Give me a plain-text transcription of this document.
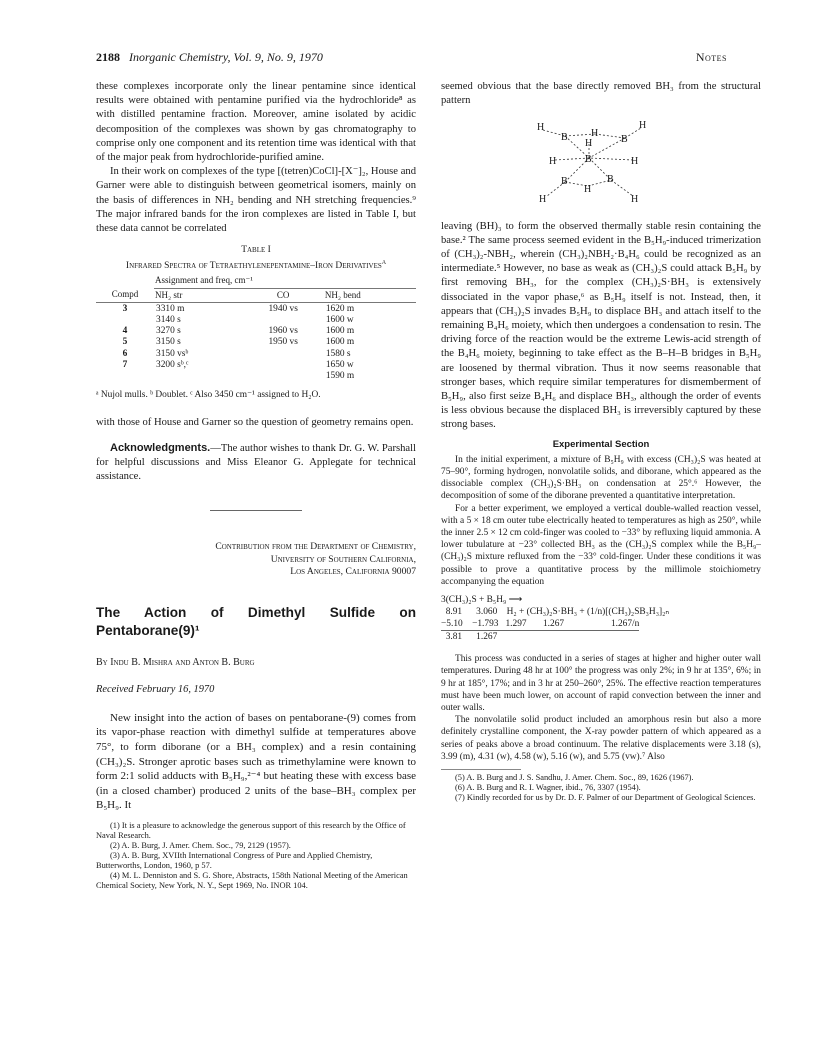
2188 Inorganic Chemistry, Vol. 9, No. 9, 1970	Notes

these complexes incorporate only the linear pentamine since identical results were obtained with pentamine purified via the hydrochloride⁸ as with distilled pentamine fraction. Moreover, amine isolated by acidic decomposition of the complexes was shown by gas chromatography to comprise only one component and its retention time was identical with that of the major peak from hydrochloride-purified amine.

In their work on complexes of the type [(tetren)CoCl]-[X⁻]₂, House and Garner were able to distinguish between geometrical isomers, mainly on the basis of differences in NH₂ bending and NH stretching frequencies.⁹ The major infrared bands for the iron complexes are listed in Table I, but these data cannot be correlated

Table I
Infrared Spectra of Tetraethylenepentamine–Iron Derivatives$^a$
	Assignment and freq, cm⁻¹		
Compd	NH₂ str	CO	NH₂ bend

3	3310 m	1940 vs	1620 m
	3140 s		1600 w
4	3270 s	1960 vs	1600 m
5	3150 s	1950 vs	1600 m
6	3150 vsᵇ		1580 s
7	3200 sᵇ,ᶜ		1650 w
			1590 m
ᵃ Nujol mulls. ᵇ Doublet. ᶜ Also 3450 cm⁻¹ assigned to H₂O.

with those of House and Garner so the question of geometry remains open.

Acknowledgments.—The author wishes to thank Dr. G. W. Parshall for helpful discussions and Miss Eleanor G. Applegate for technical assistance.

Contribution from the Department of Chemistry,
University of Southern California,
Los Angeles, California 90007
The Action of Dimethyl Sulfide on Pentaborane(9)¹
By Indu B. Mishra and Anton B. Burg
Received February 16, 1970

New insight into the action of bases on pentaborane-(9) comes from its vapor-phase reaction with dimethyl sulfide at temperatures above 75°, to form diborane (or a BH₃ complex) and a resin containing (CH₃)₂S. Stronger aprotic bases such as trimethylamine were known to form 2:1 solid adducts with B₅H₉,²⁻⁴ but heating these with excess base (in a closed chamber) produced 2 units of the base–BH₃ complex per B₅H₉. It

(1) It is a pleasure to acknowledge the generous support of this research by the Office of Naval Research.
(2) A. B. Burg, J. Amer. Chem. Soc., 79, 2129 (1957).
(3) A. B. Burg, XVIIth International Congress of Pure and Applied Chemistry, Butterworths, London, 1960, p 57.
(4) M. L. Denniston and S. G. Shore, Abstracts, 158th National Meeting of the American Chemical Society, New York, N. Y., Sept 1969, No. INOR 104.

seemed obvious that the base directly removed BH₃ from the structural pattern

H
B H
B
H
H
B
H	H
B	B
H
H	H

leaving (BH)₃ to form the observed thermally stable resin containing the base.² The same process seemed evident in the B₅H₉-induced trimerization of (CH₃)₂-NBH₂, wherein (CH₃)₂NBH₂·B₄H₆ could be recognized as an intermediate.⁵ However, no base as weak as (CH₃)₂S could attack B₅H₉ by first removing BH₃, for the complex (CH₃)₂S·BH₃ is extensively dissociated in the vapor phase,⁶ as B₅H₉ itself is not. Instead, then, it appears that (CH₃)₂S invades B₅H₉ to displace BH₃ and attach itself to the remaining B₄H₆ moiety, which then undergoes a condensation to resin. The driving force of the reaction would be the extreme Lewis-acid strength of the B₄H₆ moiety, beginning to take effect as the B–H–B bridges in B₅H₉ are loosened by thermal vibration. Thus it now seems reasonable that stronger bases, which require similar temperatures for dismemberment of B₅H₉, also first seize B₄H₆ and displace BH₃, although the order of events is less obvious because the displaced BH₃ is irreversibly captured by these strong bases.

Experimental Section

In the initial experiment, a mixture of B₅H₉ with excess (CH₃)₂S was heated at 75–90°, forming hydrogen, nonvolatile solids, and diborane, which appeared as the dissociable complex (CH₃)₂S·BH₃ on condensation at 25°.⁶ However, the decomposition of some of the diborane prevented a quantitative interpretation.

For a better experiment, we employed a vertical double-walled reaction vessel, with a 5 × 18 cm outer tube electrically heated to temperatures as high as 250°, while the inner 2.5 × 12 cm cold-finger was cooled to −33° by refluxing liquid ammonia. A lower tubulature at −23° collected BH₃ as the (CH₃)₂S complex while the B₅H₉–(CH₃)₂S mixture refluxed from the −33° cold-finger. Under these conditions it was possible to prove a quantitative process by the millimole stoichiometry accompanying the equation

3(CH₃)₂S + B₅H₉ ⟶
8.91      3.060    H₂ + (CH₃)₂S·BH₃ + (1/n)[(CH₃)₂SB₃H₃]₂ₙ
−5.10    −1.793   1.297       1.267                    1.267/n
3.81      1.267

This process was conducted in a series of stages at higher and higher outer wall temperatures. During 48 hr at 100° the progress was only 2%; in 9 hr at 135°, 6%; in 9 hr at 185°, 17%; and in 3 hr at 250–260°, 25%. The effective reaction temperatures must have been much lower, on account of rapid convection between the inner and outer walls.

The nonvolatile solid product included an amorphous resin but also a more definitely crystalline component, the X-ray powder pattern of which appeared as a series of peaks above a broad continuum. The relative displacements were 3.18 (s), 3.99 (m), 4.31 (w), 4.58 (w), 5.16 (w), and 5.75 (vw).⁷ Also

(5) A. B. Burg and J. S. Sandhu, J. Amer. Chem. Soc., 89, 1626 (1967).
(6) A. B. Burg and R. I. Wagner, ibid., 76, 3307 (1954).
(7) Kindly recorded for us by Dr. D. F. Palmer of our Department of Geological Sciences.
